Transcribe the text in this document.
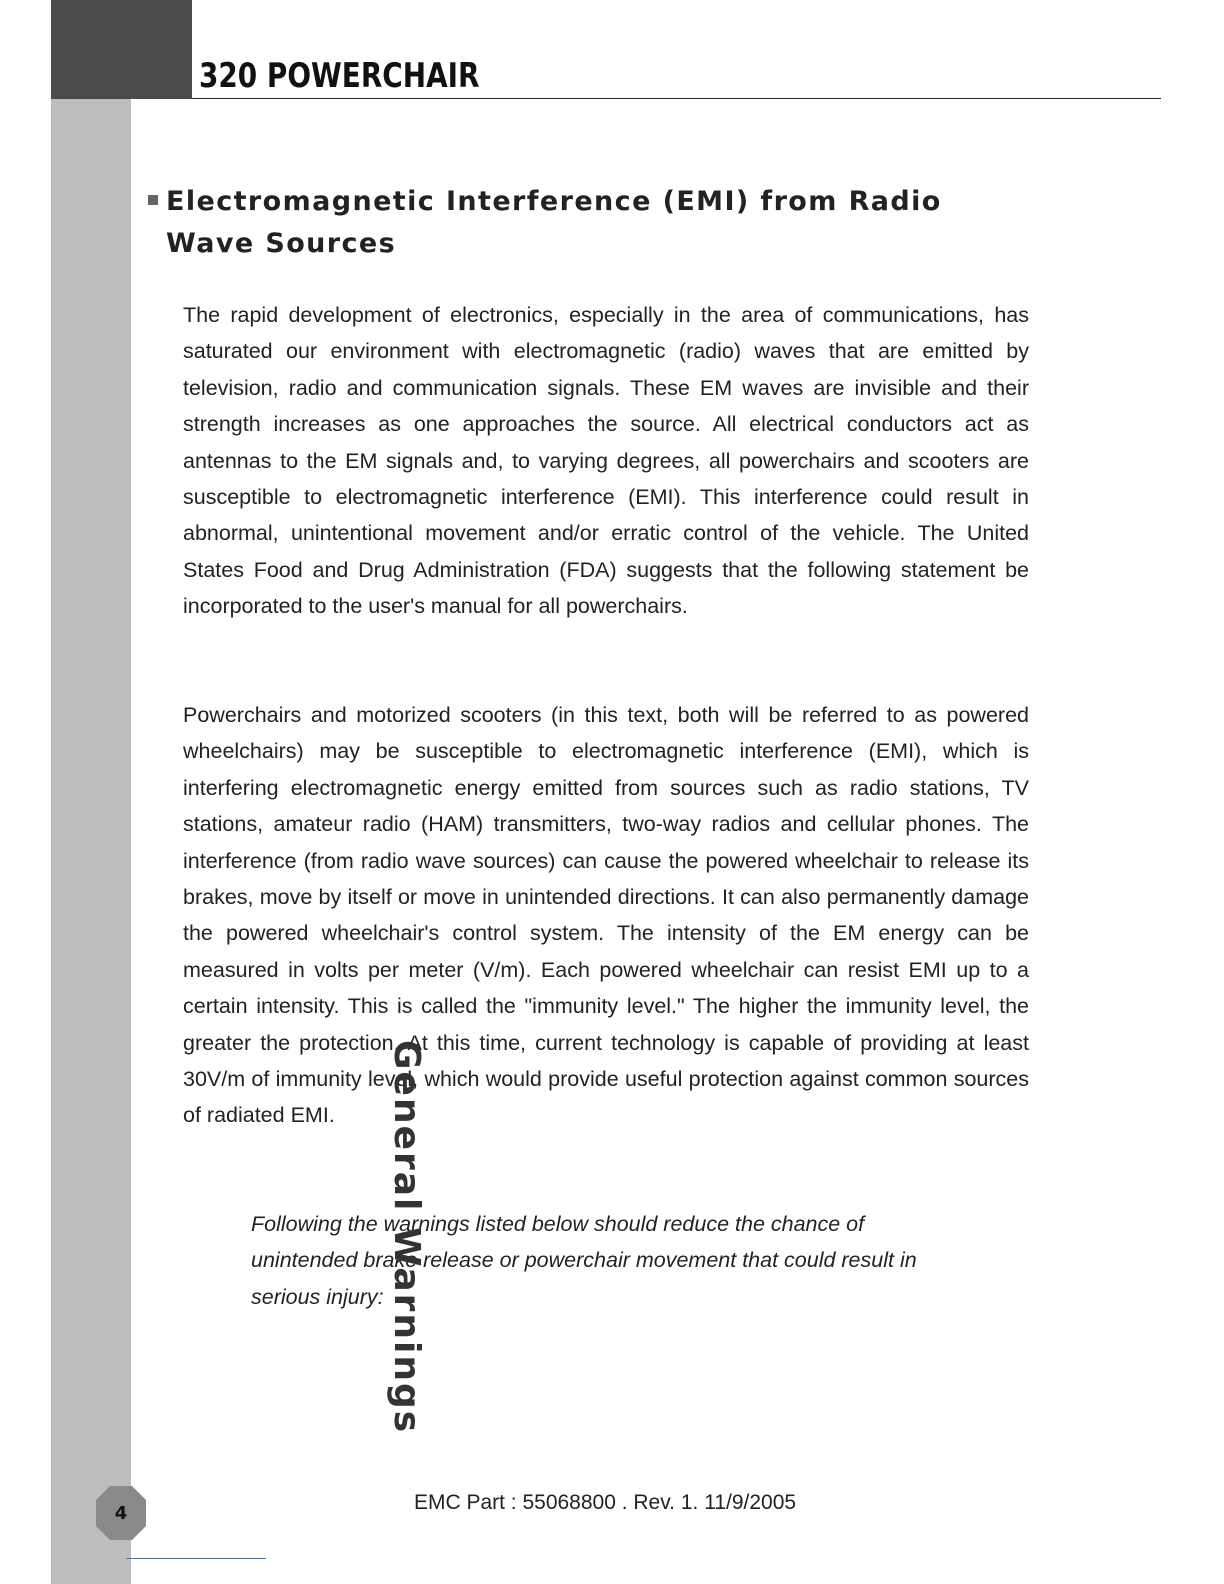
320 POWERCHAIR
Electromagnetic Interference (EMI) from Radio Wave Sources

The rapid development of electronics, especially in the area of communications, has saturated our environment with electromagnetic (radio) waves that are emitted by television, radio and communication signals. These EM waves are invisible and their strength increases as one approaches the source. All electrical conductors act as antennas to the EM signals and, to varying degrees, all powerchairs and scooters are susceptible to electromagnetic interference (EMI). This interference could result in abnormal, unintentional movement and/or erratic control of the vehicle. The United States Food and Drug Administration (FDA) suggests that the following statement be incorporated to the user's manual for all powerchairs.

Powerchairs and motorized scooters (in this text, both will be referred to as powered wheelchairs) may be susceptible to electromagnetic interference (EMI), which is interfering electromagnetic energy emitted from sources such as radio stations, TV stations, amateur radio (HAM) transmitters, two-way radios and cellular phones. The interference (from radio wave sources) can cause the powered wheelchair to release its brakes, move by itself or move in unintended directions. It can also permanently damage the powered wheelchair's control system. The intensity of the EM energy can be measured in volts per meter (V/m). Each powered wheelchair can resist EMI up to a certain intensity. This is called the "immunity level." The higher the immunity level, the greater the protection. At this time, current technology is capable of providing at least 30V/m of immunity level, which would provide useful protection against common sources of radiated EMI.

Following the warnings listed below should reduce the chance of unintended brake release or powerchair movement that could result in serious injury: General Warnings
4	EMC Part : 55068800 . Rev. 1. 11/9/2005
